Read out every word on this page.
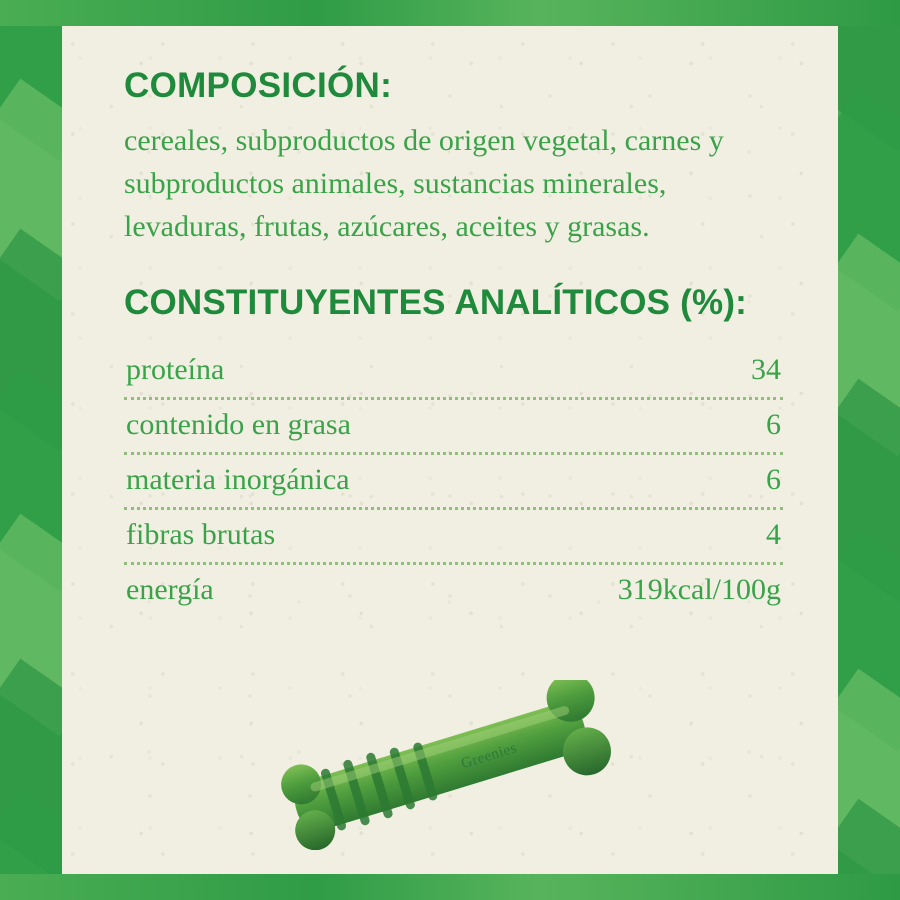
COMPOSICIÓN:

cereales, subproductos de origen vegetal, carnes y subproductos animales, sustancias minerales, levaduras, frutas, azúcares, aceites y grasas.

CONSTITUYENTES ANALÍTICOS (%):
proteína	34
contenido en grasa	6
materia inorgánica	6
fibras brutas	4
energía	319kcal/100g
Greenies
